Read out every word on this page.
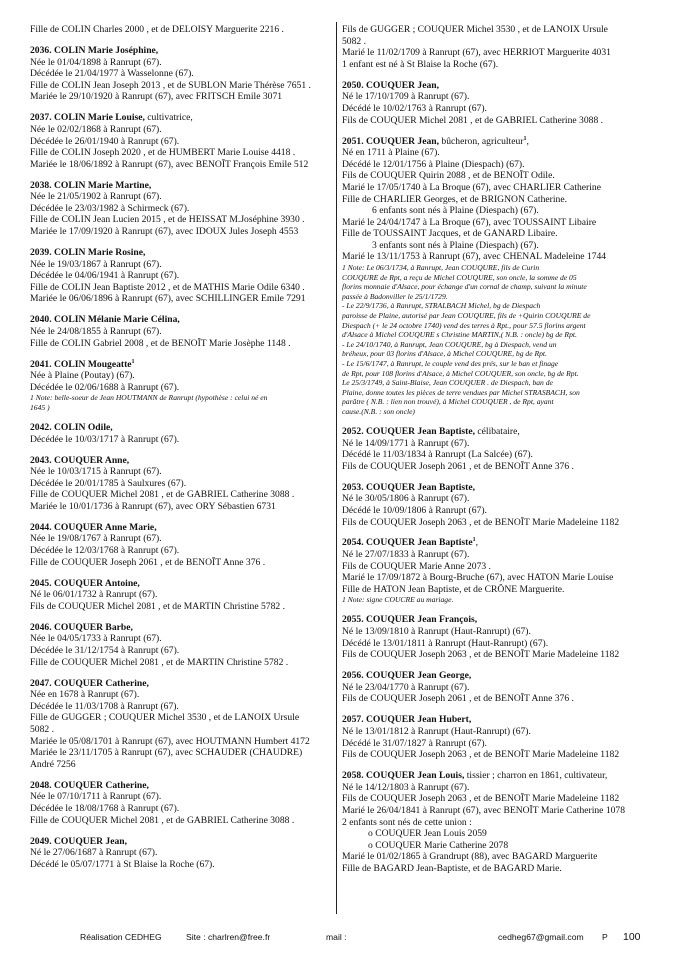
Fille de COLIN Charles 2000 , et de DELOISY Marguerite 2216 .
2036. COLIN Marie Joséphine,
Née le 01/04/1898 à Ranrupt (67).
Décédée le 21/04/1977 à Wasselonne (67).
Fille de COLIN Jean Joseph 2013 , et de SUBLON Marie Thérèse 7651 .
Mariée le 29/10/1920 à Ranrupt (67), avec FRITSCH Emile 3071
2037. COLIN Marie Louise, cultivatrice,
Née le 02/02/1868 à Ranrupt (67).
Décédée le 26/01/1940 à Ranrupt (67).
Fille de COLIN Joseph 2020 , et de HUMBERT Marie Louise 4418 .
Mariée le 18/06/1892 à Ranrupt (67), avec BENOÎT François Emile 512
2038. COLIN Marie Martine,
Née le 21/05/1902 à Ranrupt (67).
Décédée le 23/03/1982 à Schirmeck (67).
Fille de COLIN Jean Lucien 2015 , et de HEISSAT M.Joséphine 3930 .
Mariée le 17/09/1920 à Ranrupt (67), avec IDOUX Jules Joseph 4553
2039. COLIN Marie Rosine,
Née le 19/03/1867 à Ranrupt (67).
Décédée le 04/06/1941 à Ranrupt (67).
Fille de COLIN Jean Baptiste 2012 , et de MATHIS Marie Odile 6340 .
Mariée le 06/06/1896 à Ranrupt (67), avec SCHILLINGER Emile 7291
2040. COLIN Mélanie Marie Célina,
Née le 24/08/1855 à Ranrupt (67).
Fille de COLIN Gabriel 2008 , et de BENOÎT Marie Josèphe 1148 .
2041. COLIN Mougeatte$^1$
Née à Plaine (Poutay) (67).
Décédée le 02/06/1688 à Ranrupt (67).
1 Note: belle-soeur de Jean HOUTMANN de Ranrupt (hypothèse : celui né en
1645 )
2042. COLIN Odile,
Décédée le 10/03/1717 à Ranrupt (67).
2043. COUQUER Anne,
Née le 10/03/1715 à Ranrupt (67).
Décédée le 20/01/1785 à Saulxures (67).
Fille de COUQUER Michel 2081 , et de GABRIEL Catherine 3088 .
Mariée le 10/01/1736 à Ranrupt (67), avec ORY Sébastien 6731
2044. COUQUER Anne Marie,
Née le 19/08/1767 à Ranrupt (67).
Décédée le 12/03/1768 à Ranrupt (67).
Fille de COUQUER Joseph 2061 , et de BENOÎT Anne 376 .
2045. COUQUER Antoine,
Né le 06/01/1732 à Ranrupt (67).
Fils de COUQUER Michel 2081 , et de MARTIN Christine 5782 .
2046. COUQUER Barbe,
Née le 04/05/1733 à Ranrupt (67).
Décédée le 31/12/1754 à Ranrupt (67).
Fille de COUQUER Michel 2081 , et de MARTIN Christine 5782 .
2047. COUQUER Catherine,
Née en 1678 à Ranrupt (67).
Décédée le 11/03/1708 à Ranrupt (67).
Fille de GUGGER ; COUQUER Michel 3530 , et de LANOIX Ursule
5082 .
Mariée le 05/08/1701 à Ranrupt (67), avec HOUTMANN Humbert 4172
Mariée le 23/11/1705 à Ranrupt (67), avec SCHAUDER (CHAUDRE)
André 7256
2048. COUQUER Catherine,
Née le 07/10/1711 à Ranrupt (67).
Décédée le 18/08/1768 à Ranrupt (67).
Fille de COUQUER Michel 2081 , et de GABRIEL Catherine 3088 .
2049. COUQUER Jean,
Né le 27/06/1687 à Ranrupt (67).
Décédé le 05/07/1771 à St Blaise la Roche (67).
Fils de GUGGER ; COUQUER Michel 3530 , et de LANOIX Ursule
5082 .
Marié le 11/02/1709 à Ranrupt (67), avec HERRIOT Marguerite 4031
1 enfant est né à St Blaise la Roche (67).
2050. COUQUER Jean,
Né le 17/10/1709 à Ranrupt (67).
Décédé le 10/02/1763 à Ranrupt (67).
Fils de COUQUER Michel 2081 , et de GABRIEL Catherine 3088 .
2051. COUQUER Jean, bûcheron, agriculteur$^1$,
Né en 1711 à Plaine (67).
Décédé le 12/01/1756 à Plaine (Diespach) (67).
Fils de COUQUER Quirin 2088 , et de BENOÎT Odile.
Marié le 17/05/1740 à La Broque (67), avec CHARLIER Catherine
Fille de CHARLIER Georges, et de BRIGNON Catherine.
6 enfants sont nés à Plaine (Diespach) (67).
Marié le 24/04/1747 à La Broque (67), avec TOUSSAINT Libaire
Fille de TOUSSAINT Jacques, et de GANARD Libaire.
3 enfants sont nés à Plaine (Diespach) (67).
Marié le 13/11/1753 à Ranrupt (67), avec CHENAL Madeleine 1744
1 Note: Le 06/3/1734, à Ranrupt, Jean COUQURE, fils de Curin
COUQURE de Rpt, a reçu de Michel COUQURE, son oncle, la somme de 05
florins monnaie d'Alsace, pour échange d'un cornal de champ, suivant la minute
passée à Badonviller le 25/1/1729.
- Le 22/9/1736, à Ranrupt, STRALBACH Michel, bg de Diespach
paroisse de Plaine, autorisé par Jean COUQURE, fils de +Quirin COUQURE de
Diespach (+ le 24 octobre 1740) vend des terres à Rpt., pour 57.5 florins argent
d'Alsace à Michel COUQURE s Christine MARTIN,( N.B. : oncle) bg de Rpt.
- Le 24/10/1740, à Ranrupt, Jean COUQURE, bg à Diespach, vend un
bréheux, pour 03 florins d'Alsace, à Michel COUQURE, bg de Rpt.
- Le 15/6/1747, à Ranrupt, le couple vend des prés, sur le ban et finage
de Rpt, pour 108 florins d'Alsace, à Michel COUQUER, son oncle, bg de Rpt.
Le 25/3/1749, à Saint-Blaise, Jean COUQUER . de Diespach, ban de
Plaine, donne toutes les pièces de terre vendues par Michel STRASBACH, son
parâtre ( N.B. : lien non trouvé), à Michel COUQUER , de Rpt, ayant
cause.(N.B. : son oncle)
2052. COUQUER Jean Baptiste, célibataire,
Né le 14/09/1771 à Ranrupt (67).
Décédé le 11/03/1834 à Ranrupt (La Salcée) (67).
Fils de COUQUER Joseph 2061 , et de BENOÎT Anne 376 .
2053. COUQUER Jean Baptiste,
Né le 30/05/1806 à Ranrupt (67).
Décédé le 10/09/1806 à Ranrupt (67).
Fils de COUQUER Joseph 2063 , et de BENOÎT Marie Madeleine 1182
2054. COUQUER Jean Baptiste$^1$,
Né le 27/07/1833 à Ranrupt (67).
Fils de COUQUER Marie Anne 2073 .
Marié le 17/09/1872 à Bourg-Bruche (67), avec HATON Marie Louise
Fille de HATON Jean Baptiste, et de CRÔNE Marguerite.
1 Note: signe COUCRE au mariage.
2055. COUQUER Jean François,
Né le 13/09/1810 à Ranrupt (Haut-Ranrupt) (67).
Décédé le 13/01/1811 à Ranrupt (Haut-Ranrupt) (67).
Fils de COUQUER Joseph 2063 , et de BENOÎT Marie Madeleine 1182
2056. COUQUER Jean George,
Né le 23/04/1770 à Ranrupt (67).
Fils de COUQUER Joseph 2061 , et de BENOÎT Anne 376 .
2057. COUQUER Jean Hubert,
Né le 13/01/1812 à Ranrupt (Haut-Ranrupt) (67).
Décédé le 31/07/1827 à Ranrupt (67).
Fils de COUQUER Joseph 2063 , et de BENOÎT Marie Madeleine 1182
2058. COUQUER Jean Louis, tissier ; charron en 1861, cultivateur,
Né le 14/12/1803 à Ranrupt (67).
Fils de COUQUER Joseph 2063 , et de BENOÎT Marie Madeleine 1182
Marié le 26/04/1841 à Ranrupt (67), avec BENOÎT Marie Catherine 1078
2 enfants sont nés de cette union :
o COUQUER Jean Louis 2059
o COUQUER Marie Catherine 2078
Marié le 01/02/1865 à Grandrupt (88), avec BAGARD Marguerite
Fille de BAGARD Jean-Baptiste, et de BAGARD Marie.
Réalisation CEDHEG	Site : charlren@free.fr	mail :	cedheg67@gmail.com P 100
